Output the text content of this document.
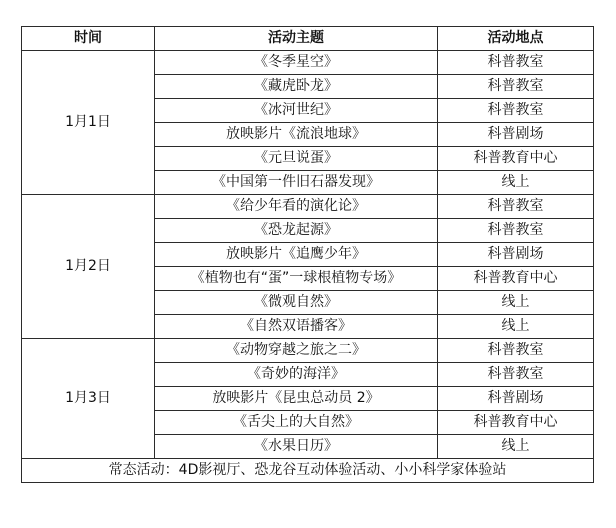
时间	活动主题	活动地点
1月1日	《冬季星空》	科普教室
	《藏虎卧龙》	科普教室
	《冰河世纪》	科普教室
	放映影片《流浪地球》	科普剧场
	《元旦说蛋》	科普教育中心
	《中国第一件旧石器发现》	线上
1月2日	《给少年看的演化论》	科普教室
	《恐龙起源》	科普教室
	放映影片《追鹰少年》	科普剧场
	《植物也有“蛋”一球根植物专场》	科普教育中心
	《微观自然》	线上
	《自然双语播客》	线上
1月3日	《动物穿越之旅之二》	科普教室
	《奇妙的海洋》	科普教室
	放映影片《昆虫总动员 2》	科普剧场
	《舌尖上的大自然》	科普教育中心
	《水果日历》	线上
常态活动：4D影视厅、恐龙谷互动体验活动、小小科学家体验站		
